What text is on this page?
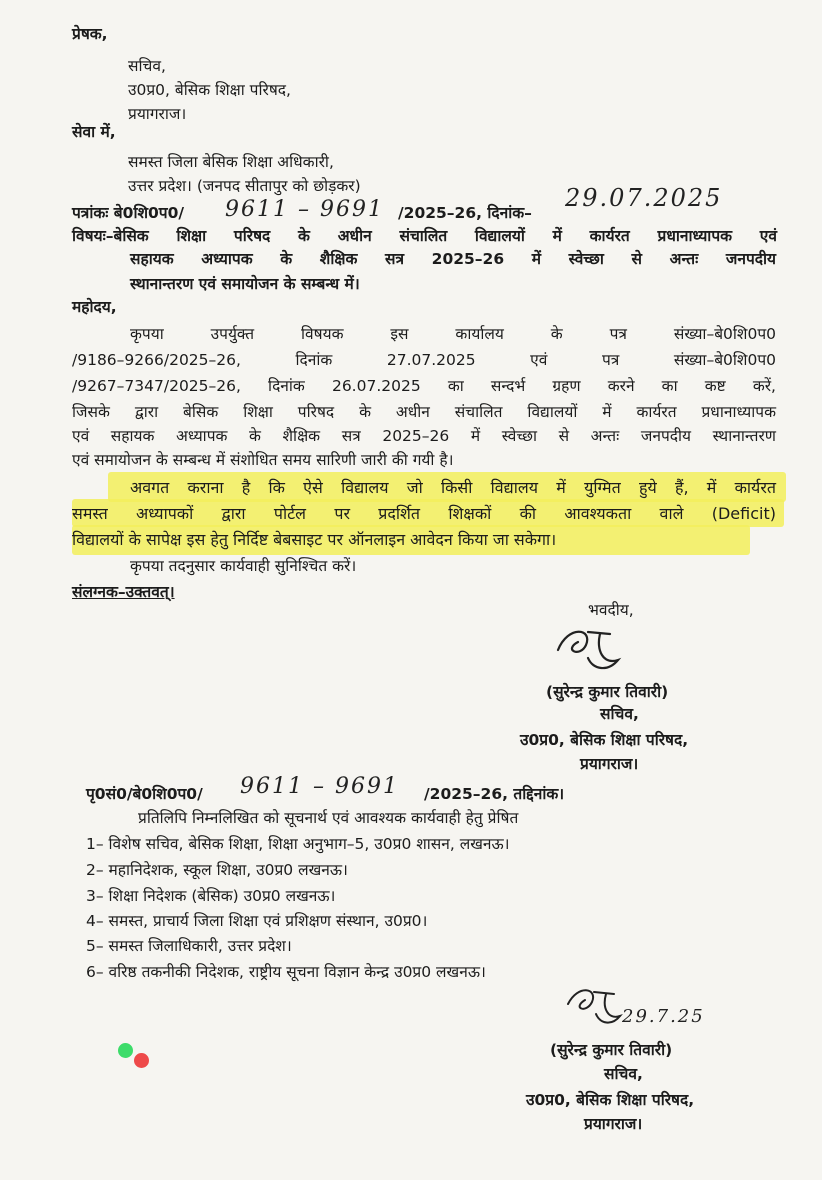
प्रेषक,
सचिव,
उ0प्र0, बेसिक शिक्षा परिषद,
प्रयागराज।
सेवा में,
समस्त जिला बेसिक शिक्षा अधिकारी,
उत्तर प्रदेश। (जनपद सीतापुर को छोड़कर)
पत्रांकः बे0शि0प0/ 9611 – 9691 /2025–26, दिनांक–
29.07.2025
विषयः–बेसिक शिक्षा परिषद के अधीन संचालित विद्यालयों में कार्यरत प्रधानाध्यापक एवं
सहायक अध्यापक के शैक्षिक सत्र 2025–26 में स्वेच्छा से अन्तः जनपदीय
स्थानान्तरण एवं समायोजन के सम्बन्ध में।
महोदय,
कृपया उपर्युक्त विषयक इस कार्यालय के पत्र संख्या–बे0शि0प0
/9186–9266/2025–26, दिनांक 27.07.2025 एवं पत्र संख्या–बे0शि0प0
/9267–7347/2025–26, दिनांक 26.07.2025 का सन्दर्भ ग्रहण करने का कष्ट करें,
जिसके द्वारा बेसिक शिक्षा परिषद के अधीन संचालित विद्यालयों में कार्यरत प्रधानाध्यापक
एवं सहायक अध्यापक के शैक्षिक सत्र 2025–26 में स्वेच्छा से अन्तः जनपदीय स्थानान्तरण
एवं समायोजन के सम्बन्ध में संशोधित समय सारिणी जारी की गयी है।
अवगत कराना है कि ऐसे विद्यालय जो किसी विद्यालय में युग्मित हुये हैं, में कार्यरत
समस्त अध्यापकों द्वारा पोर्टल पर प्रदर्शित शिक्षकों की आवश्यकता वाले (Deficit)
विद्यालयों के सापेक्ष इस हेतु निर्दिष्ट बेबसाइट पर ऑनलाइन आवेदन किया जा सकेगा।
कृपया तदनुसार कार्यवाही सुनिश्चित करें।
संलग्नक–उक्तवत्।
भवदीय,
(सुरेन्द्र कुमार तिवारी)
सचिव,
उ0प्र0, बेसिक शिक्षा परिषद,
प्रयागराज।
पृ0सं0/बे0शि0प0/ 9611 – 9691 /2025–26, तद्दिनांक।
प्रतिलिपि निम्नलिखित को सूचनार्थ एवं आवश्यक कार्यवाही हेतु प्रेषित
1– विशेष सचिव, बेसिक शिक्षा, शिक्षा अनुभाग–5, उ0प्र0 शासन, लखनऊ।
2– महानिदेशक, स्कूल शिक्षा, उ0प्र0 लखनऊ।
3– शिक्षा निदेशक (बेसिक) उ0प्र0 लखनऊ।
4– समस्त, प्राचार्य जिला शिक्षा एवं प्रशिक्षण संस्थान, उ0प्र0।
5– समस्त जिलाधिकारी, उत्तर प्रदेश।
6– वरिष्ठ तकनीकी निदेशक, राष्ट्रीय सूचना विज्ञान केन्द्र उ0प्र0 लखनऊ।
29.7.25
(सुरेन्द्र कुमार तिवारी)
सचिव,
उ0प्र0, बेसिक शिक्षा परिषद,
प्रयागराज।
